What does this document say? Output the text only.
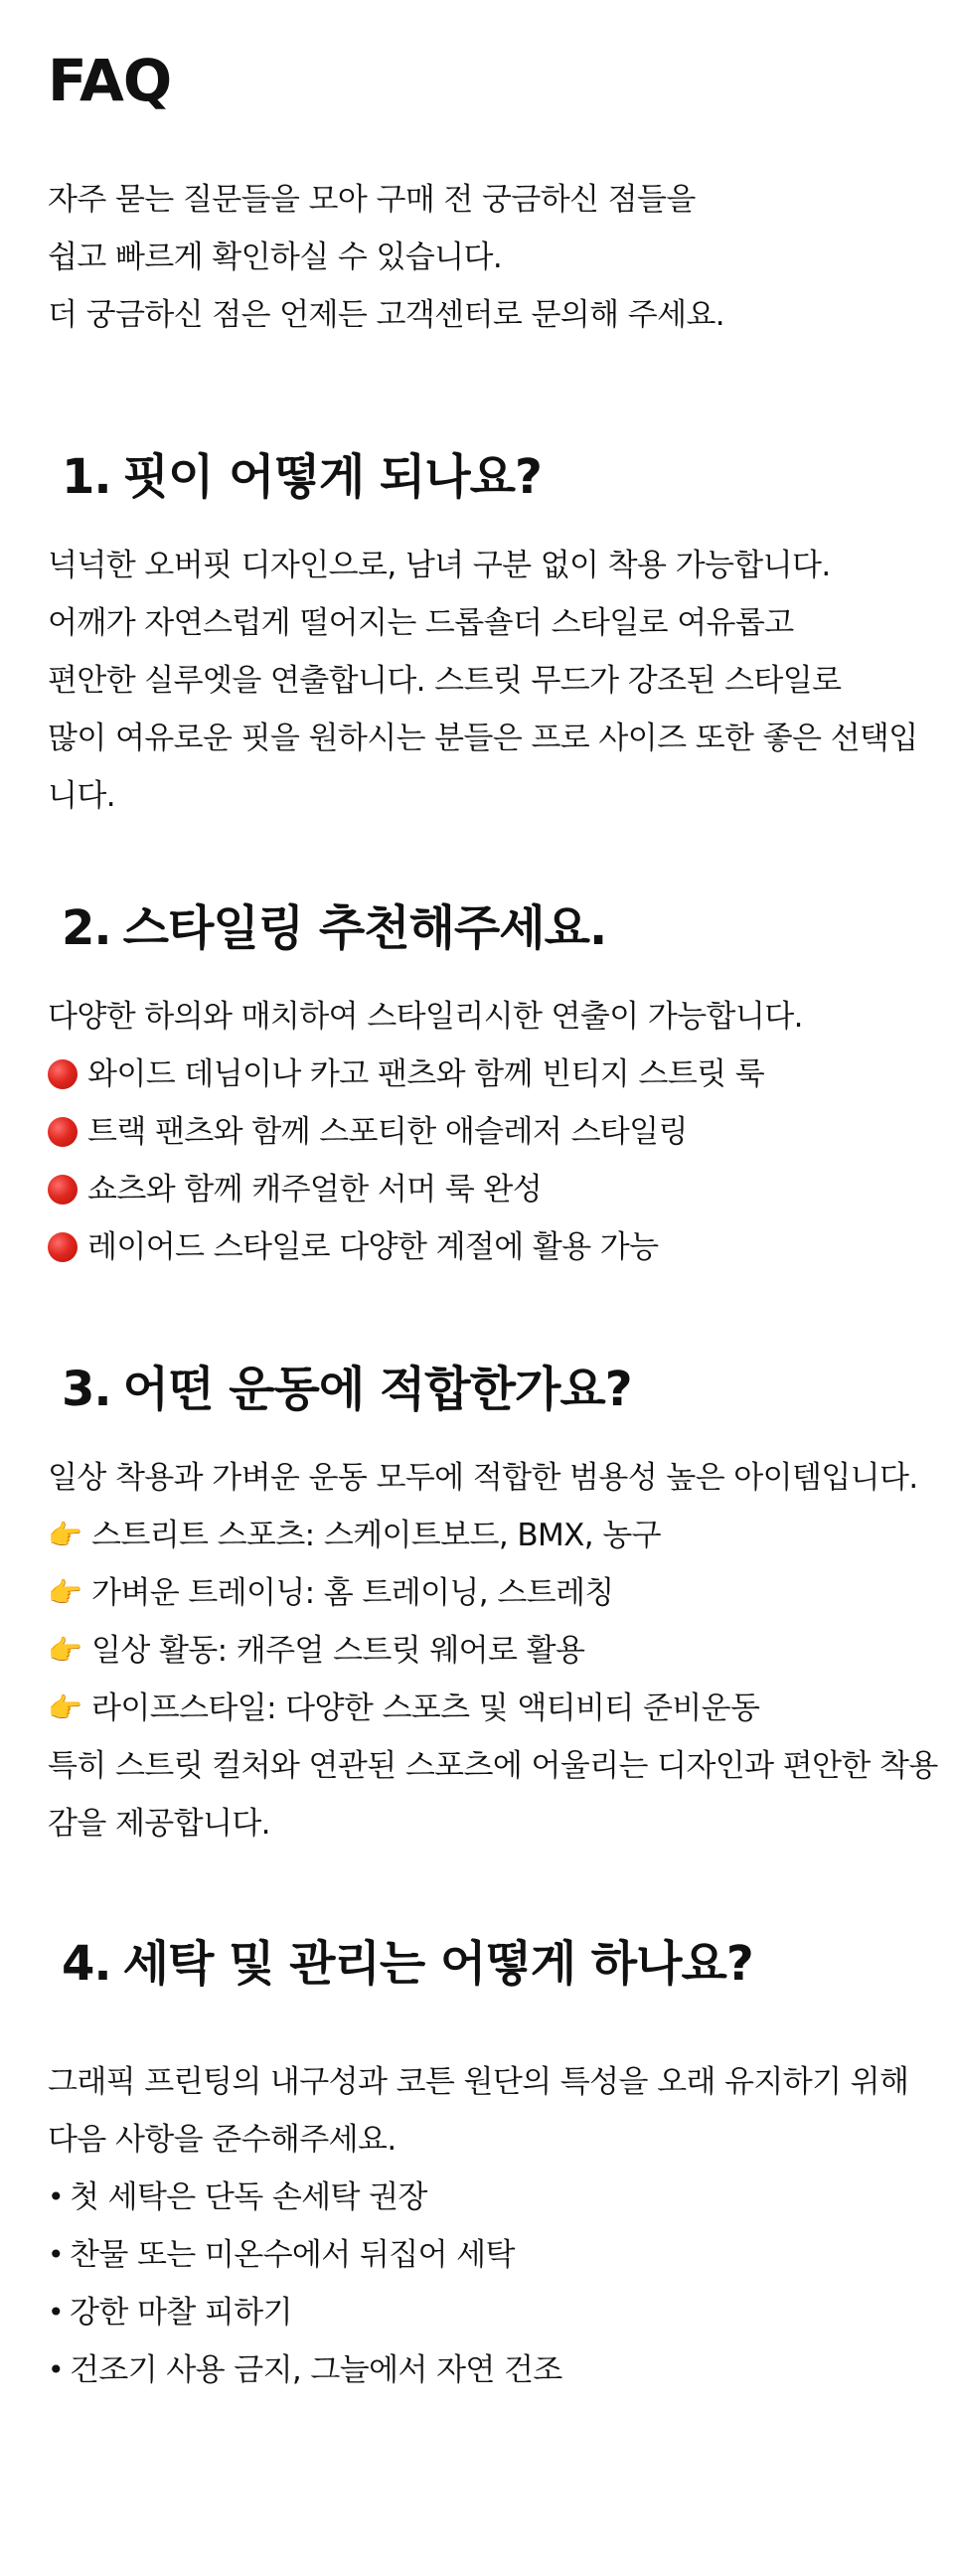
FAQ

자주 묻는 질문들을 모아 구매 전 궁금하신 점들을

쉽고 빠르게 확인하실 수 있습니다.

더 궁금하신 점은 언제든 고객센터로 문의해 주세요.

1. 핏이 어떻게 되나요?

넉넉한 오버핏 디자인으로, 남녀 구분 없이 착용 가능합니다.

어깨가 자연스럽게 떨어지는 드롭숄더 스타일로 여유롭고

편안한 실루엣을 연출합니다. 스트릿 무드가 강조된 스타일로

많이 여유로운 핏을 원하시는 분들은 프로 사이즈 또한 좋은 선택입

니다.

2. 스타일링 추천해주세요.

다양한 하의와 매치하여 스타일리시한 연출이 가능합니다.

와이드 데님이나 카고 팬츠와 함께 빈티지 스트릿 룩
트랙 팬츠와 함께 스포티한 애슬레저 스타일링
쇼츠와 함께 캐주얼한 서머 룩 완성
레이어드 스타일로 다양한 계절에 활용 가능
3. 어떤 운동에 적합한가요?

일상 착용과 가벼운 운동 모두에 적합한 범용성 높은 아이템입니다.

👉 스트리트 스포츠: 스케이트보드, BMX, 농구
👉 가벼운 트레이닝: 홈 트레이닝, 스트레칭
👉 일상 활동: 캐주얼 스트릿 웨어로 활용
👉 라이프스타일: 다양한 스포츠 및 액티비티 준비운동

특히 스트릿 컬처와 연관된 스포츠에 어울리는 디자인과 편안한 착용

감을 제공합니다.

4. 세탁 및 관리는 어떻게 하나요?

그래픽 프린팅의 내구성과 코튼 원단의 특성을 오래 유지하기 위해

다음 사항을 준수해주세요.

• 첫 세탁은 단독 손세탁 권장
• 찬물 또는 미온수에서 뒤집어 세탁
• 강한 마찰 피하기
• 건조기 사용 금지, 그늘에서 자연 건조
